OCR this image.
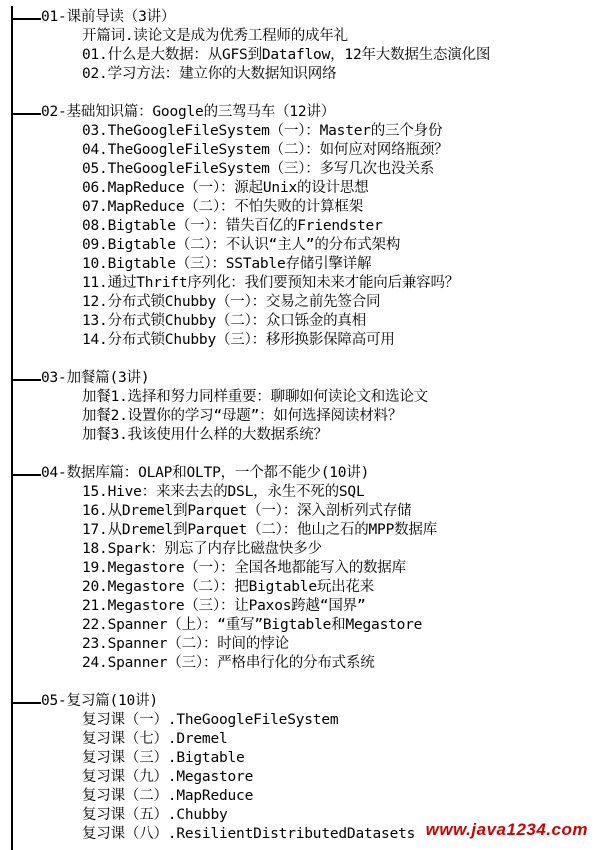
01-课前导读（3讲）
开篇词.读论文是成为优秀工程师的成年礼
01.什么是大数据：从GFS到Dataflow，12年大数据生态演化图
02.学习方法：建立你的大数据知识网络
02-基础知识篇：Google的三驾马车（12讲）
03.TheGoogleFileSystem（一）：Master的三个身份
04.TheGoogleFileSystem（二）：如何应对网络瓶颈？
05.TheGoogleFileSystem（三）：多写几次也没关系
06.MapReduce（一）：源起Unix的设计思想
07.MapReduce（二）：不怕失败的计算框架
08.Bigtable（一）：错失百亿的Friendster
09.Bigtable（二）：不认识“主人”的分布式架构
10.Bigtable（三）：SSTable存储引擎详解
11.通过Thrift序列化：我们要预知未来才能向后兼容吗？
12.分布式锁Chubby（一）：交易之前先签合同
13.分布式锁Chubby（二）：众口铄金的真相
14.分布式锁Chubby（三）：移形换影保障高可用
03-加餐篇(3讲)
加餐1.选择和努力同样重要：聊聊如何读论文和选论文
加餐2.设置你的学习“母题”：如何选择阅读材料？
加餐3.我该使用什么样的大数据系统？
04-数据库篇：OLAP和OLTP，一个都不能少(10讲)
15.Hive：来来去去的DSL，永生不死的SQL
16.从Dremel到Parquet（一）：深入剖析列式存储
17.从Dremel到Parquet（二）：他山之石的MPP数据库
18.Spark：别忘了内存比磁盘快多少
19.Megastore（一）：全国各地都能写入的数据库
20.Megastore（二）：把Bigtable玩出花来
21.Megastore（三）：让Paxos跨越“国界”
22.Spanner（上）：“重写”Bigtable和Megastore
23.Spanner（二）：时间的悖论
24.Spanner（三）：严格串行化的分布式系统
05-复习篇(10讲)
复习课（一）.TheGoogleFileSystem
复习课（七）.Dremel
复习课（三）.Bigtable
复习课（九）.Megastore
复习课（二）.MapReduce
复习课（五）.Chubby
复习课（八）.ResilientDistributedDatasets www.java1234.com
